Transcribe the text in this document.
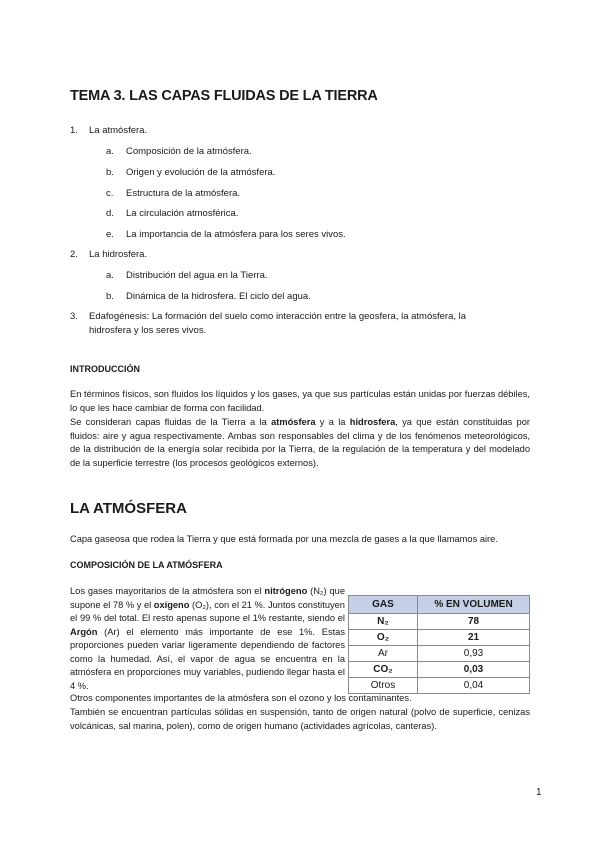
TEMA 3. LAS CAPAS FLUIDAS DE LA TIERRA
1. La atmósfera.
a. Composición de la atmósfera.
b. Origen y evolución de la atmósfera.
c. Estructura de la atmósfera.
d. La circulación atmosférica.
e. La importancia de la atmósfera para los seres vivos.
2. La hidrosfera.
a. Distribución del agua en la Tierra.
b. Dinámica de la hidrosfera. El ciclo del agua.
3. Edafogénesis: La formación del suelo como interacción entre la geosfera, la atmósfera, la
hidrosfera y los seres vivos.
INTRODUCCIÓN

En términos físicos, son fluidos los líquidos y los gases, ya que sus partículas están unidas por fuerzas débiles, lo que les hace cambiar de forma con facilidad.

Se consideran capas fluidas de la Tierra a la atmósfera y a la hidrosfera, ya que están constituidas por fluidos: aire y agua respectivamente. Ambas son responsables del clima y de los fenómenos meteorológicos, de la distribución de la energía solar recibida por la Tierra, de la regulación de la temperatura y del modelado de la superficie terrestre (los procesos geológicos externos).

LA ATMÓSFERA

Capa gaseosa que rodea la Tierra y que está formada por una mezcla de gases a la que llamamos aire.

COMPOSICIÓN DE LA ATMÓSFERA

Los gases mayoritarios de la atmósfera son el nitrógeno (N₂) que supone el 78 % y el oxígeno (O₂), con el 21 %. Juntos constituyen el 99 % del total. El resto apenas supone el 1% restante, siendo el Argón (Ar) el elemento más importante de ese 1%. Estas proporciones pueden variar ligeramente dependiendo de factores como la humedad. Así, el vapor de agua se encuentra en la atmósfera en proporciones muy variables, pudiendo llegar hasta el 4 %.

GAS	% EN VOLUMEN
N₂	78
O₂	21
Ar	0,93
CO₂	0,03
Otros	0,04

Otros componentes importantes de la atmósfera son el ozono y los contaminantes.

También se encuentran partículas sólidas en suspensión, tanto de origen natural (polvo de superficie, cenizas volcánicas, sal marina, polen), como de origen humano (actividades agrícolas, canteras).

1
